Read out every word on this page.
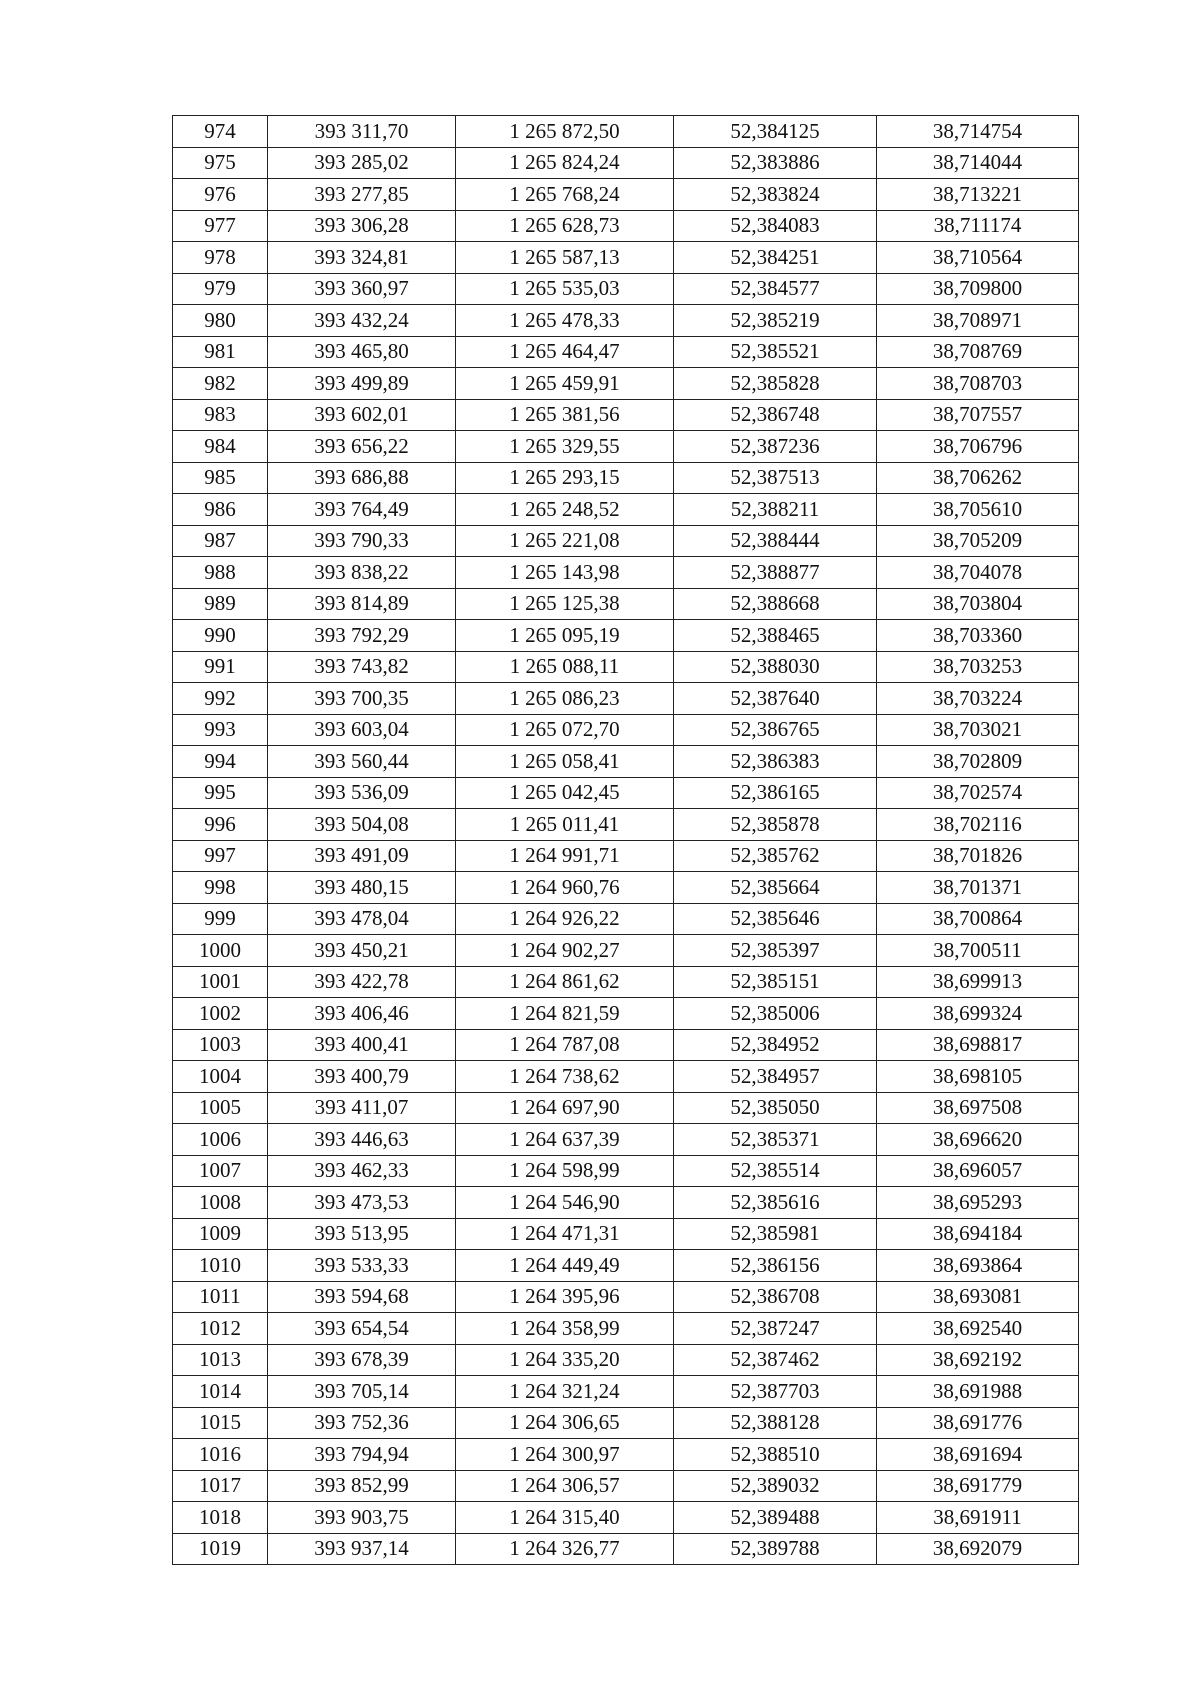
974	393 311,70	1 265 872,50	52,384125	38,714754
975	393 285,02	1 265 824,24	52,383886	38,714044
976	393 277,85	1 265 768,24	52,383824	38,713221
977	393 306,28	1 265 628,73	52,384083	38,711174
978	393 324,81	1 265 587,13	52,384251	38,710564
979	393 360,97	1 265 535,03	52,384577	38,709800
980	393 432,24	1 265 478,33	52,385219	38,708971
981	393 465,80	1 265 464,47	52,385521	38,708769
982	393 499,89	1 265 459,91	52,385828	38,708703
983	393 602,01	1 265 381,56	52,386748	38,707557
984	393 656,22	1 265 329,55	52,387236	38,706796
985	393 686,88	1 265 293,15	52,387513	38,706262
986	393 764,49	1 265 248,52	52,388211	38,705610
987	393 790,33	1 265 221,08	52,388444	38,705209
988	393 838,22	1 265 143,98	52,388877	38,704078
989	393 814,89	1 265 125,38	52,388668	38,703804
990	393 792,29	1 265 095,19	52,388465	38,703360
991	393 743,82	1 265 088,11	52,388030	38,703253
992	393 700,35	1 265 086,23	52,387640	38,703224
993	393 603,04	1 265 072,70	52,386765	38,703021
994	393 560,44	1 265 058,41	52,386383	38,702809
995	393 536,09	1 265 042,45	52,386165	38,702574
996	393 504,08	1 265 011,41	52,385878	38,702116
997	393 491,09	1 264 991,71	52,385762	38,701826
998	393 480,15	1 264 960,76	52,385664	38,701371
999	393 478,04	1 264 926,22	52,385646	38,700864
1000	393 450,21	1 264 902,27	52,385397	38,700511
1001	393 422,78	1 264 861,62	52,385151	38,699913
1002	393 406,46	1 264 821,59	52,385006	38,699324
1003	393 400,41	1 264 787,08	52,384952	38,698817
1004	393 400,79	1 264 738,62	52,384957	38,698105
1005	393 411,07	1 264 697,90	52,385050	38,697508
1006	393 446,63	1 264 637,39	52,385371	38,696620
1007	393 462,33	1 264 598,99	52,385514	38,696057
1008	393 473,53	1 264 546,90	52,385616	38,695293
1009	393 513,95	1 264 471,31	52,385981	38,694184
1010	393 533,33	1 264 449,49	52,386156	38,693864
1011	393 594,68	1 264 395,96	52,386708	38,693081
1012	393 654,54	1 264 358,99	52,387247	38,692540
1013	393 678,39	1 264 335,20	52,387462	38,692192
1014	393 705,14	1 264 321,24	52,387703	38,691988
1015	393 752,36	1 264 306,65	52,388128	38,691776
1016	393 794,94	1 264 300,97	52,388510	38,691694
1017	393 852,99	1 264 306,57	52,389032	38,691779
1018	393 903,75	1 264 315,40	52,389488	38,691911
1019	393 937,14	1 264 326,77	52,389788	38,692079
